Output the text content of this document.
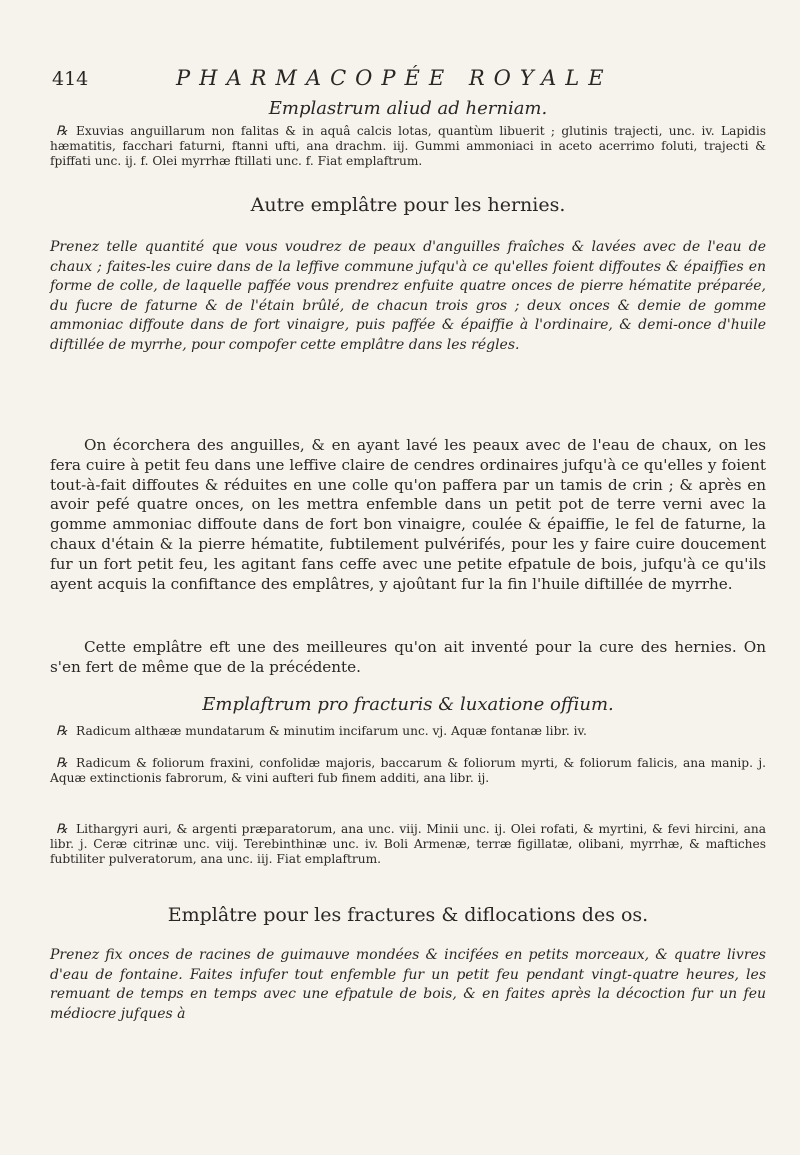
414	PHARMACOPÉE ROYALE
Emplastrum aliud ad herniam.
℞ Exuvias anguillarum non falitas & in aquâ calcis lotas, quantùm libuerit ; glutinis trajecti, unc. iv. Lapidis hæmatitis, facchari faturni, ftanni ufti, ana drachm. iij. Gummi ammoniaci in aceto acerrimo foluti, trajecti & fpiffati unc. ij. f. Olei myrrhæ ftillati unc. f. Fiat emplaftrum.
Autre emplâtre pour les hernies.
Prenez telle quantité que vous voudrez de peaux d'anguilles fraîches & lavées avec de l'eau de chaux ; faites-les cuire dans de la leffive commune jufqu'à ce qu'elles foient diffoutes & épaiffies en forme de colle, de laquelle paffée vous prendrez enfuite quatre onces de pierre hématite préparée, du fucre de faturne & de l'étain brûlé, de chacun trois gros ; deux onces & demie de gomme ammoniac diffoute dans de fort vinaigre, puis paffée & épaiffie à l'ordinaire, & demi-once d'huile diftillée de myrrhe, pour compofer cette emplâtre dans les régles.
On écorchera des anguilles, & en ayant lavé les peaux avec de l'eau de chaux, on les fera cuire à petit feu dans une leffive claire de cendres ordinaires jufqu'à ce qu'elles y foient tout-à-fait diffoutes & réduites en une colle qu'on paffera par un tamis de crin ; & après en avoir pefé quatre onces, on les mettra enfemble dans un petit pot de terre verni avec la gomme ammoniac diffoute dans de fort bon vinaigre, coulée & épaiffie, le fel de faturne, la chaux d'étain & la pierre hématite, fubtilement pulvérifés, pour les y faire cuire doucement fur un fort petit feu, les agitant fans ceffe avec une petite efpatule de bois, jufqu'à ce qu'ils ayent acquis la confiftance des emplâtres, y ajoûtant fur la fin l'huile diftillée de myrrhe.
Cette emplâtre eft une des meilleures qu'on ait inventé pour la cure des hernies. On s'en fert de même que de la précédente.
Emplaftrum pro fracturis & luxatione offium.
℞ Radicum althææ mundatarum & minutim incifarum unc. vj. Aquæ fontanæ libr. iv.
℞ Radicum & foliorum fraxini, confolidæ majoris, baccarum & foliorum myrti, & foliorum falicis, ana manip. j. Aquæ extinctionis fabrorum, & vini aufteri fub finem additi, ana libr. ij.
℞ Lithargyri auri, & argenti præparatorum, ana unc. viij. Minii unc. ij. Olei rofati, & myrtini, & fevi hircini, ana libr. j. Ceræ citrinæ unc. viij. Terebinthinæ unc. iv. Boli Armenæ, terræ figillatæ, olibani, myrrhæ, & maftiches fubtiliter pulveratorum, ana unc. iij. Fiat emplaftrum.
Emplâtre pour les fractures & diflocations des os.
Prenez fix onces de racines de guimauve mondées & incifées en petits morceaux, & quatre livres d'eau de fontaine. Faites infufer tout enfemble fur un petit feu pendant vingt-quatre heures, les remuant de temps en temps avec une efpatule de bois, & en faites après la décoction fur un feu médiocre jufques à
